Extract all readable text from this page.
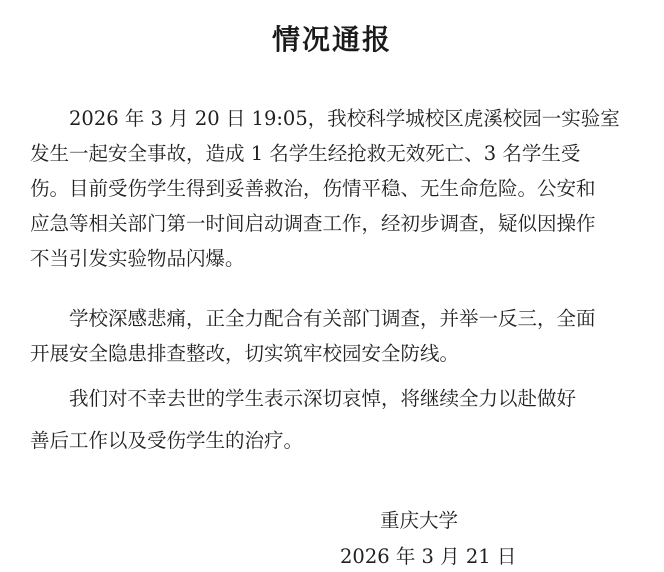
情况通报
　　2026 年 3 月 20 日 19:05，我校科学城校区虎溪校园一实验室
发生一起安全事故，造成 1 名学生经抢救无效死亡、3 名学生受
伤。目前受伤学生得到妥善救治，伤情平稳、无生命危险。公安和
应急等相关部门第一时间启动调查工作，经初步调查，疑似因操作
不当引发实验物品闪爆。
　　学校深感悲痛，正全力配合有关部门调查，并举一反三，全面
开展安全隐患排查整改，切实筑牢校园安全防线。
　　我们对不幸去世的学生表示深切哀悼，将继续全力以赴做好
善后工作以及受伤学生的治疗。
重庆大学
2026 年 3 月 21 日
